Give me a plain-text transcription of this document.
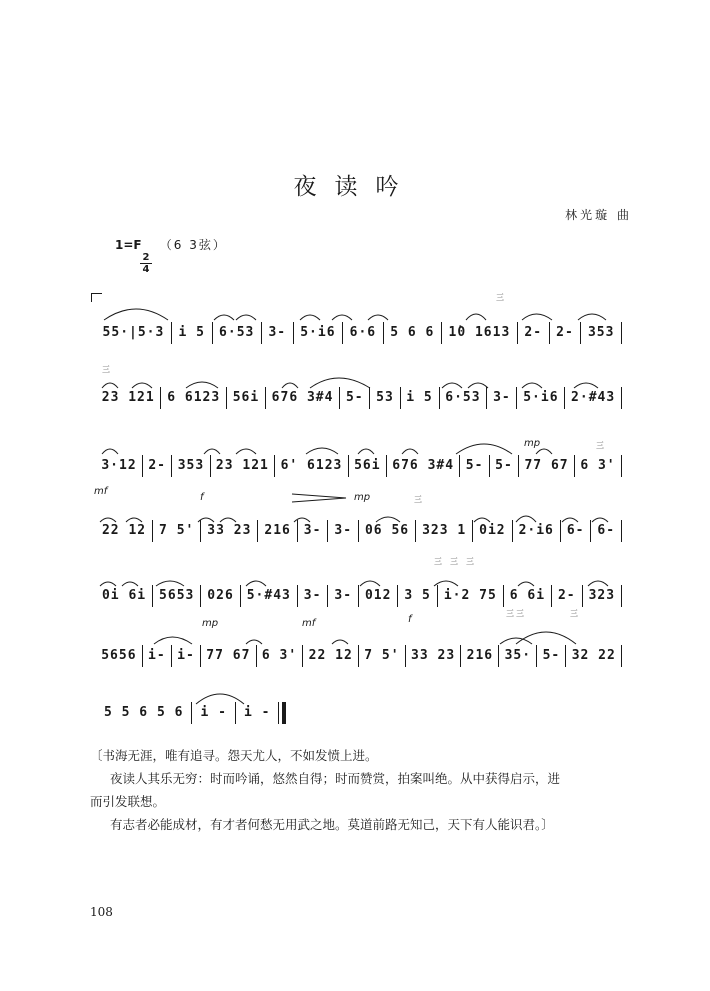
夜读吟
林光璇 曲
1=F （6 3弦）
2
4
三
55·|5·3	i 5	6·53	3-	5·i6	6·6	5 6 6	1̇0 1613	2-	2-	353
三
23 121 6 6123 56i 676 3#4 5- 53 i 5 6·53 3- 5·i6 2·#43
mp	三
3·12 2- 353 23 121 6' 6123 56i 676 3#4 5- 5- 77 67 6 3'
mf
f	mp	三
22 12 7 5' 33 23 216 3- 3- 06 56 323 1 0i2 2·i6 6- 6-
三 三 三
0i 6i 5653 026 5·#43 3- 3- 012 3 5 i·2 75 6 6i 2- 323
mp	mf	f
三 三	三
5656 i- i- 77 67 6 3' 22 12 7 5' 33 23 216 35· 5- 32 22
5 5 6 5 6	i -	i -

〔书海无涯，唯有追寻。怨天尤人，不如发愤上进。

夜读人其乐无穷：时而吟诵，悠然自得；时而赞赏，拍案叫绝。从中获得启示，进

而引发联想。

有志者必能成材，有才者何愁无用武之地。莫道前路无知己，天下有人能识君。〕

108
